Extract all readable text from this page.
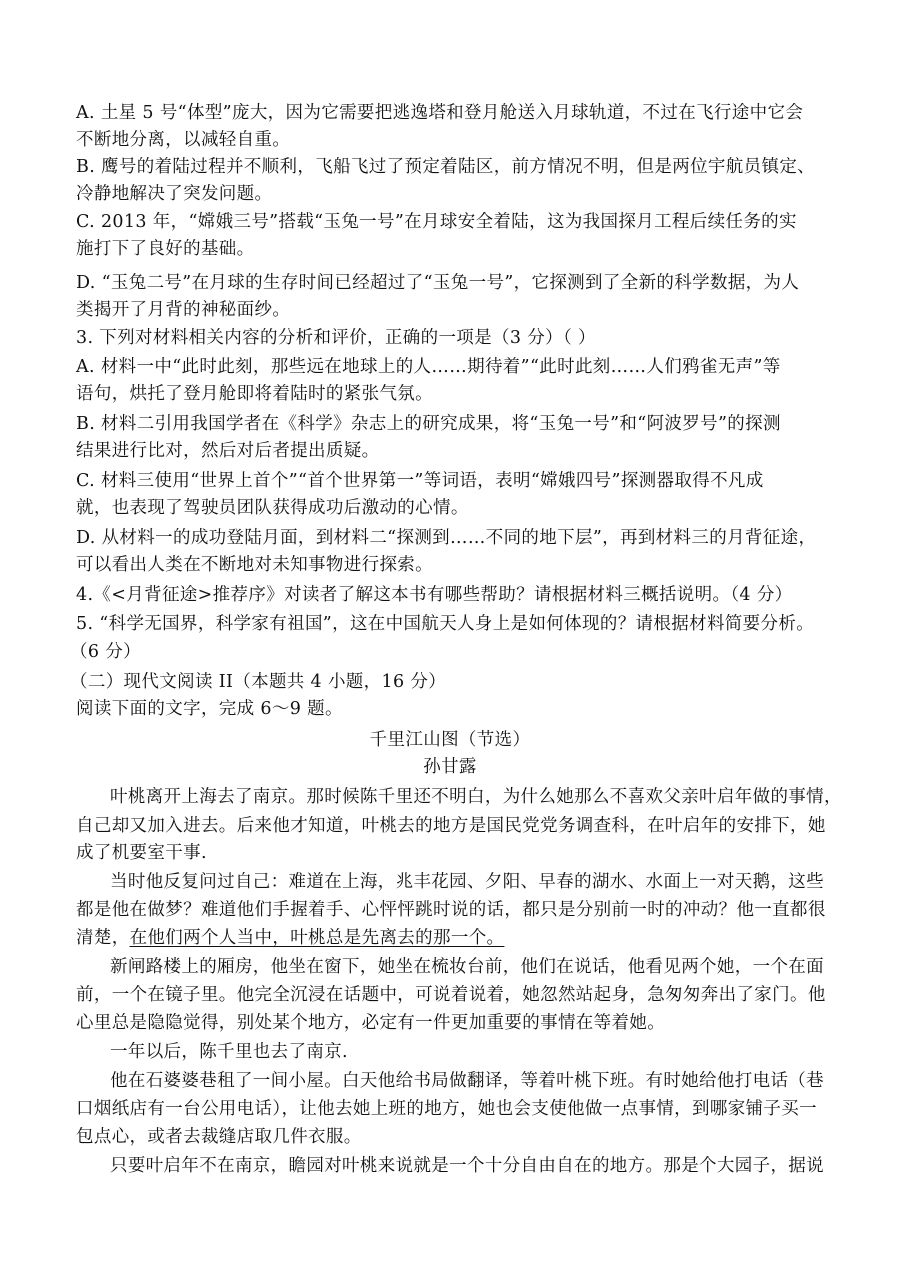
A. 土星 5 号“体型”庞大，因为它需要把逃逸塔和登月舱送入月球轨道，不过在飞行途中它会
不断地分离，以减轻自重。
B. 鹰号的着陆过程并不顺利，飞船飞过了预定着陆区，前方情况不明，但是两位宇航员镇定、
冷静地解决了突发问题。
C. 2013 年，“嫦娥三号”搭载“玉兔一号”在月球安全着陆，这为我国探月工程后续任务的实
施打下了良好的基础。
D. “玉兔二号”在月球的生存时间已经超过了“玉兔一号”，它探测到了全新的科学数据，为人
类揭开了月背的神秘面纱。
3. 下列对材料相关内容的分析和评价，正确的一项是（3 分）（ ）
A. 材料一中“此时此刻，那些远在地球上的人……期待着”“此时此刻……人们鸦雀无声”等
语句，烘托了登月舱即将着陆时的紧张气氛。
B. 材料二引用我国学者在《科学》杂志上的研究成果，将“玉兔一号”和“阿波罗号”的探测
结果进行比对，然后对后者提出质疑。
C. 材料三使用“世界上首个”“首个世界第一”等词语，表明“嫦娥四号”探测器取得不凡成
就，也表现了驾驶员团队获得成功后激动的心情。
D. 从材料一的成功登陆月面，到材料二“探测到……不同的地下层”，再到材料三的月背征途，
可以看出人类在不断地对未知事物进行探索。
4.《<月背征途>推荐序》对读者了解这本书有哪些帮助？请根据材料三概括说明。（4 分）
5. “科学无国界，科学家有祖国”，这在中国航天人身上是如何体现的？请根据材料简要分析。
（6 分）
（二）现代文阅读 II（本题共 4 小题，16 分）
阅读下面的文字，完成 6～9 题。
千里江山图（节选）
孙甘露
叶桃离开上海去了南京。那时候陈千里还不明白，为什么她那么不喜欢父亲叶启年做的事情，
自己却又加入进去。后来他才知道，叶桃去的地方是国民党党务调查科，在叶启年的安排下，她
成了机要室干事.
当时他反复问过自己：难道在上海，兆丰花园、夕阳、早春的湖水、水面上一对天鹅，这些
都是他在做梦？难道他们手握着手、心怦怦跳时说的话，都只是分别前一时的冲动？他一直都很
清楚，在他们两个人当中，叶桃总是先离去的那一个。
新闸路楼上的厢房，他坐在窗下，她坐在梳妆台前，他们在说话，他看见两个她，一个在面
前，一个在镜子里。他完全沉浸在话题中，可说着说着，她忽然站起身，急匆匆奔出了家门。他
心里总是隐隐觉得，别处某个地方，必定有一件更加重要的事情在等着她。
一年以后，陈千里也去了南京.
他在石婆婆巷租了一间小屋。白天他给书局做翻译，等着叶桃下班。有时她给他打电话（巷
口烟纸店有一台公用电话），让他去她上班的地方，她也会支使他做一点事情，到哪家铺子买一
包点心，或者去裁缝店取几件衣服。
只要叶启年不在南京，瞻园对叶桃来说就是一个十分自由自在的地方。那是个大园子，据说
